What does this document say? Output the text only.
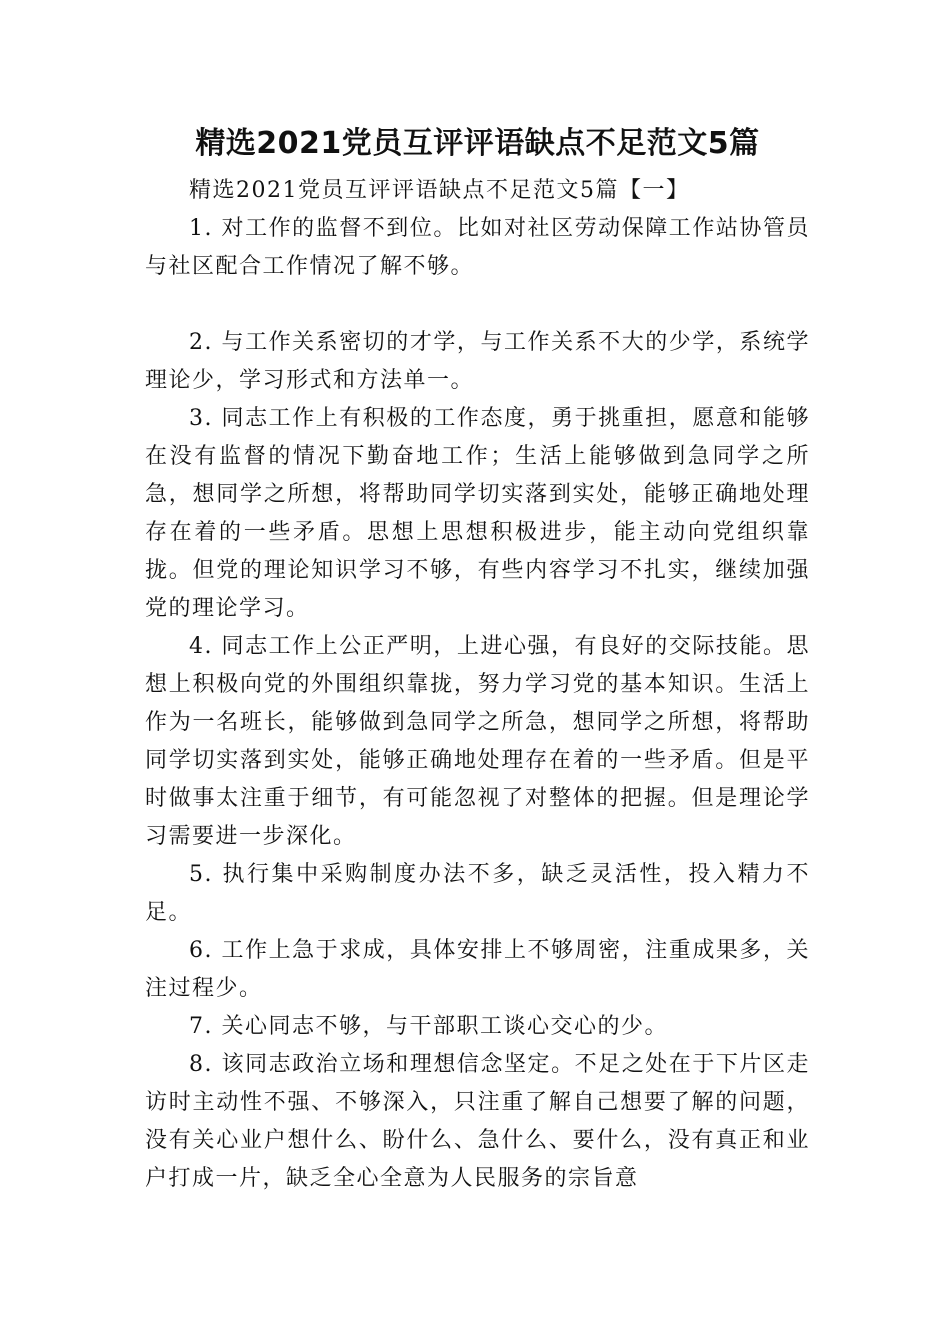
精选2021党员互评评语缺点不足范文5篇

精选2021党员互评评语缺点不足范文5篇【一】

1. 对工作的监督不到位。比如对社区劳动保障工作站协管员与社区配合工作情况了解不够。

2. 与工作关系密切的才学，与工作关系不大的少学，系统学理论少，学习形式和方法单一。

3. 同志工作上有积极的工作态度，勇于挑重担，愿意和能够在没有监督的情况下勤奋地工作；生活上能够做到急同学之所急，想同学之所想，将帮助同学切实落到实处，能够正确地处理存在着的一些矛盾。思想上思想积极进步，能主动向党组织靠拢。但党的理论知识学习不够，有些内容学习不扎实，继续加强党的理论学习。

4. 同志工作上公正严明，上进心强，有良好的交际技能。思想上积极向党的外围组织靠拢，努力学习党的基本知识。生活上作为一名班长，能够做到急同学之所急，想同学之所想，将帮助同学切实落到实处，能够正确地处理存在着的一些矛盾。但是平时做事太注重于细节，有可能忽视了对整体的把握。但是理论学习需要进一步深化。

5. 执行集中采购制度办法不多，缺乏灵活性，投入精力不足。

6. 工作上急于求成，具体安排上不够周密，注重成果多，关注过程少。

7. 关心同志不够，与干部职工谈心交心的少。

8. 该同志政治立场和理想信念坚定。不足之处在于下片区走访时主动性不强、不够深入，只注重了解自己想要了解的问题，没有关心业户想什么、盼什么、急什么、要什么，没有真正和业户打成一片，缺乏全心全意为人民服务的宗旨意
